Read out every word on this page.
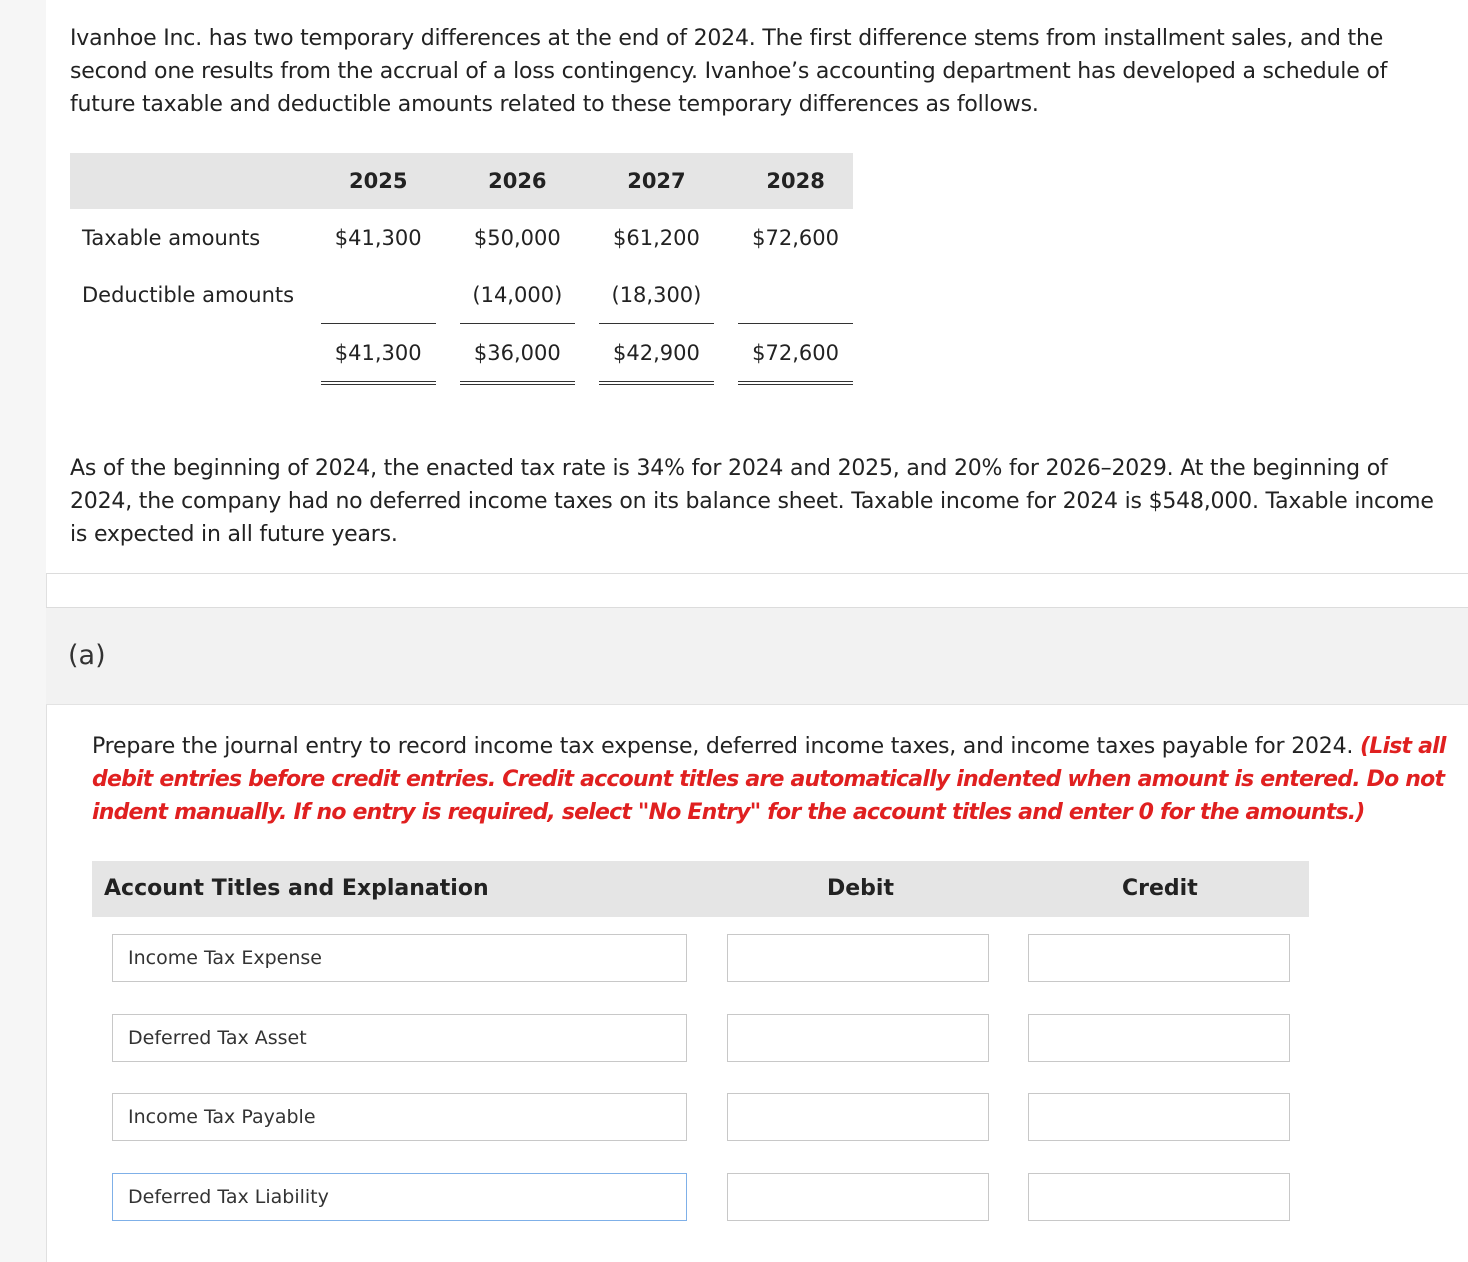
Ivanhoe Inc. has two temporary differences at the end of 2024. The first difference stems from installment sales, and the second one results from the accrual of a loss contingency. Ivanhoe’s accounting department has developed a schedule of future taxable and deductible amounts related to these temporary differences as follows.

	2025		2026		2027		2028
Taxable amounts	$41,300		$50,000		$61,200		$72,600
Deductible amounts			(14,000)		(18,300)		
	$41,300		$36,000		$42,900		$72,600

As of the beginning of 2024, the enacted tax rate is 34% for 2024 and 2025, and 20% for 2026–2029. At the beginning of 2024, the company had no deferred income taxes on its balance sheet. Taxable income for 2024 is $548,000. Taxable income is expected in all future years.

(a)

Prepare the journal entry to record income tax expense, deferred income taxes, and income taxes payable for 2024. (List all debit entries before credit entries. Credit account titles are automatically indented when amount is entered. Do not indent manually. If no entry is required, select "No Entry" for the account titles and enter 0 for the amounts.)

Account Titles and Explanation	Debit	Credit
Income Tax Expense
Deferred Tax Asset
Income Tax Payable
Deferred Tax Liability
